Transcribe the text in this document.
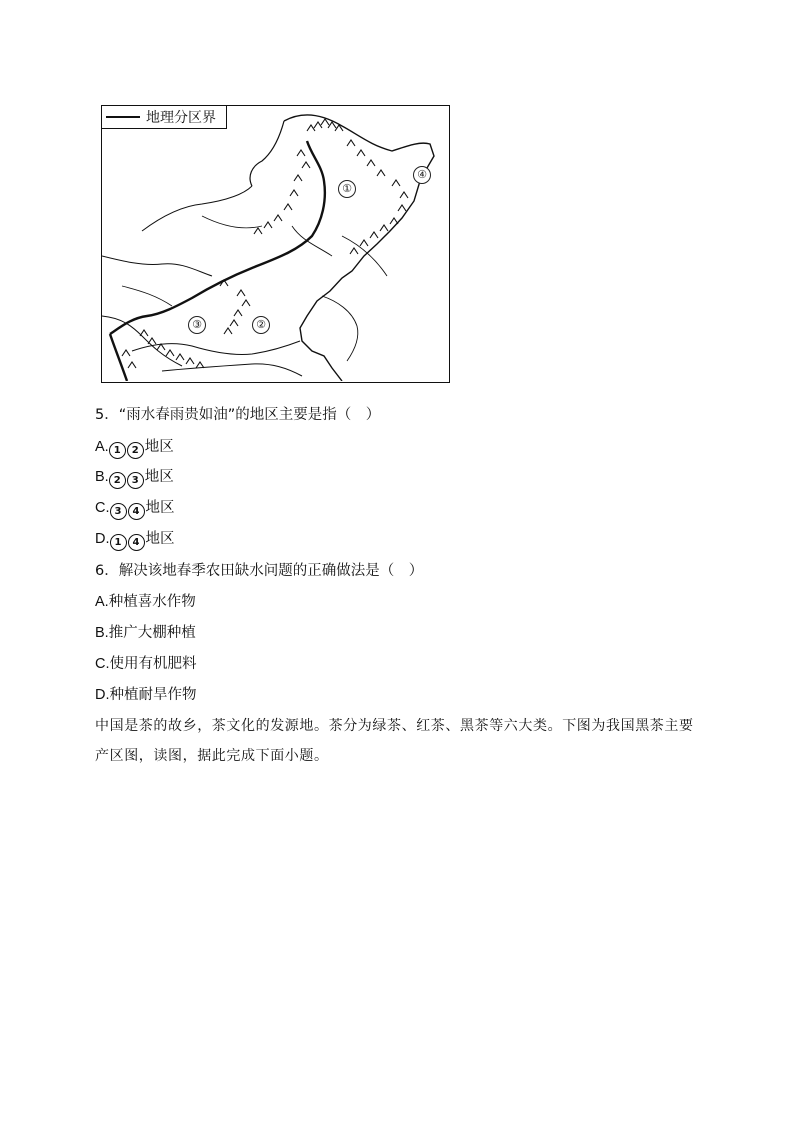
地理分区界
①
④
③	②
5．“雨水春雨贵如油”的地区主要是指（　）
A. 1 2 地区
B. 2 3 地区
C. 3 4 地区
D. 1 4 地区
6．解决该地春季农田缺水问题的正确做法是（　）
A.种植喜水作物
B.推广大棚种植
C.使用有机肥料
D.种植耐旱作物
中国是茶的故乡，茶文化的发源地。茶分为绿茶、红茶、黑茶等六大类。下图为我国黑茶主要产区图，读图，据此完成下面小题。
